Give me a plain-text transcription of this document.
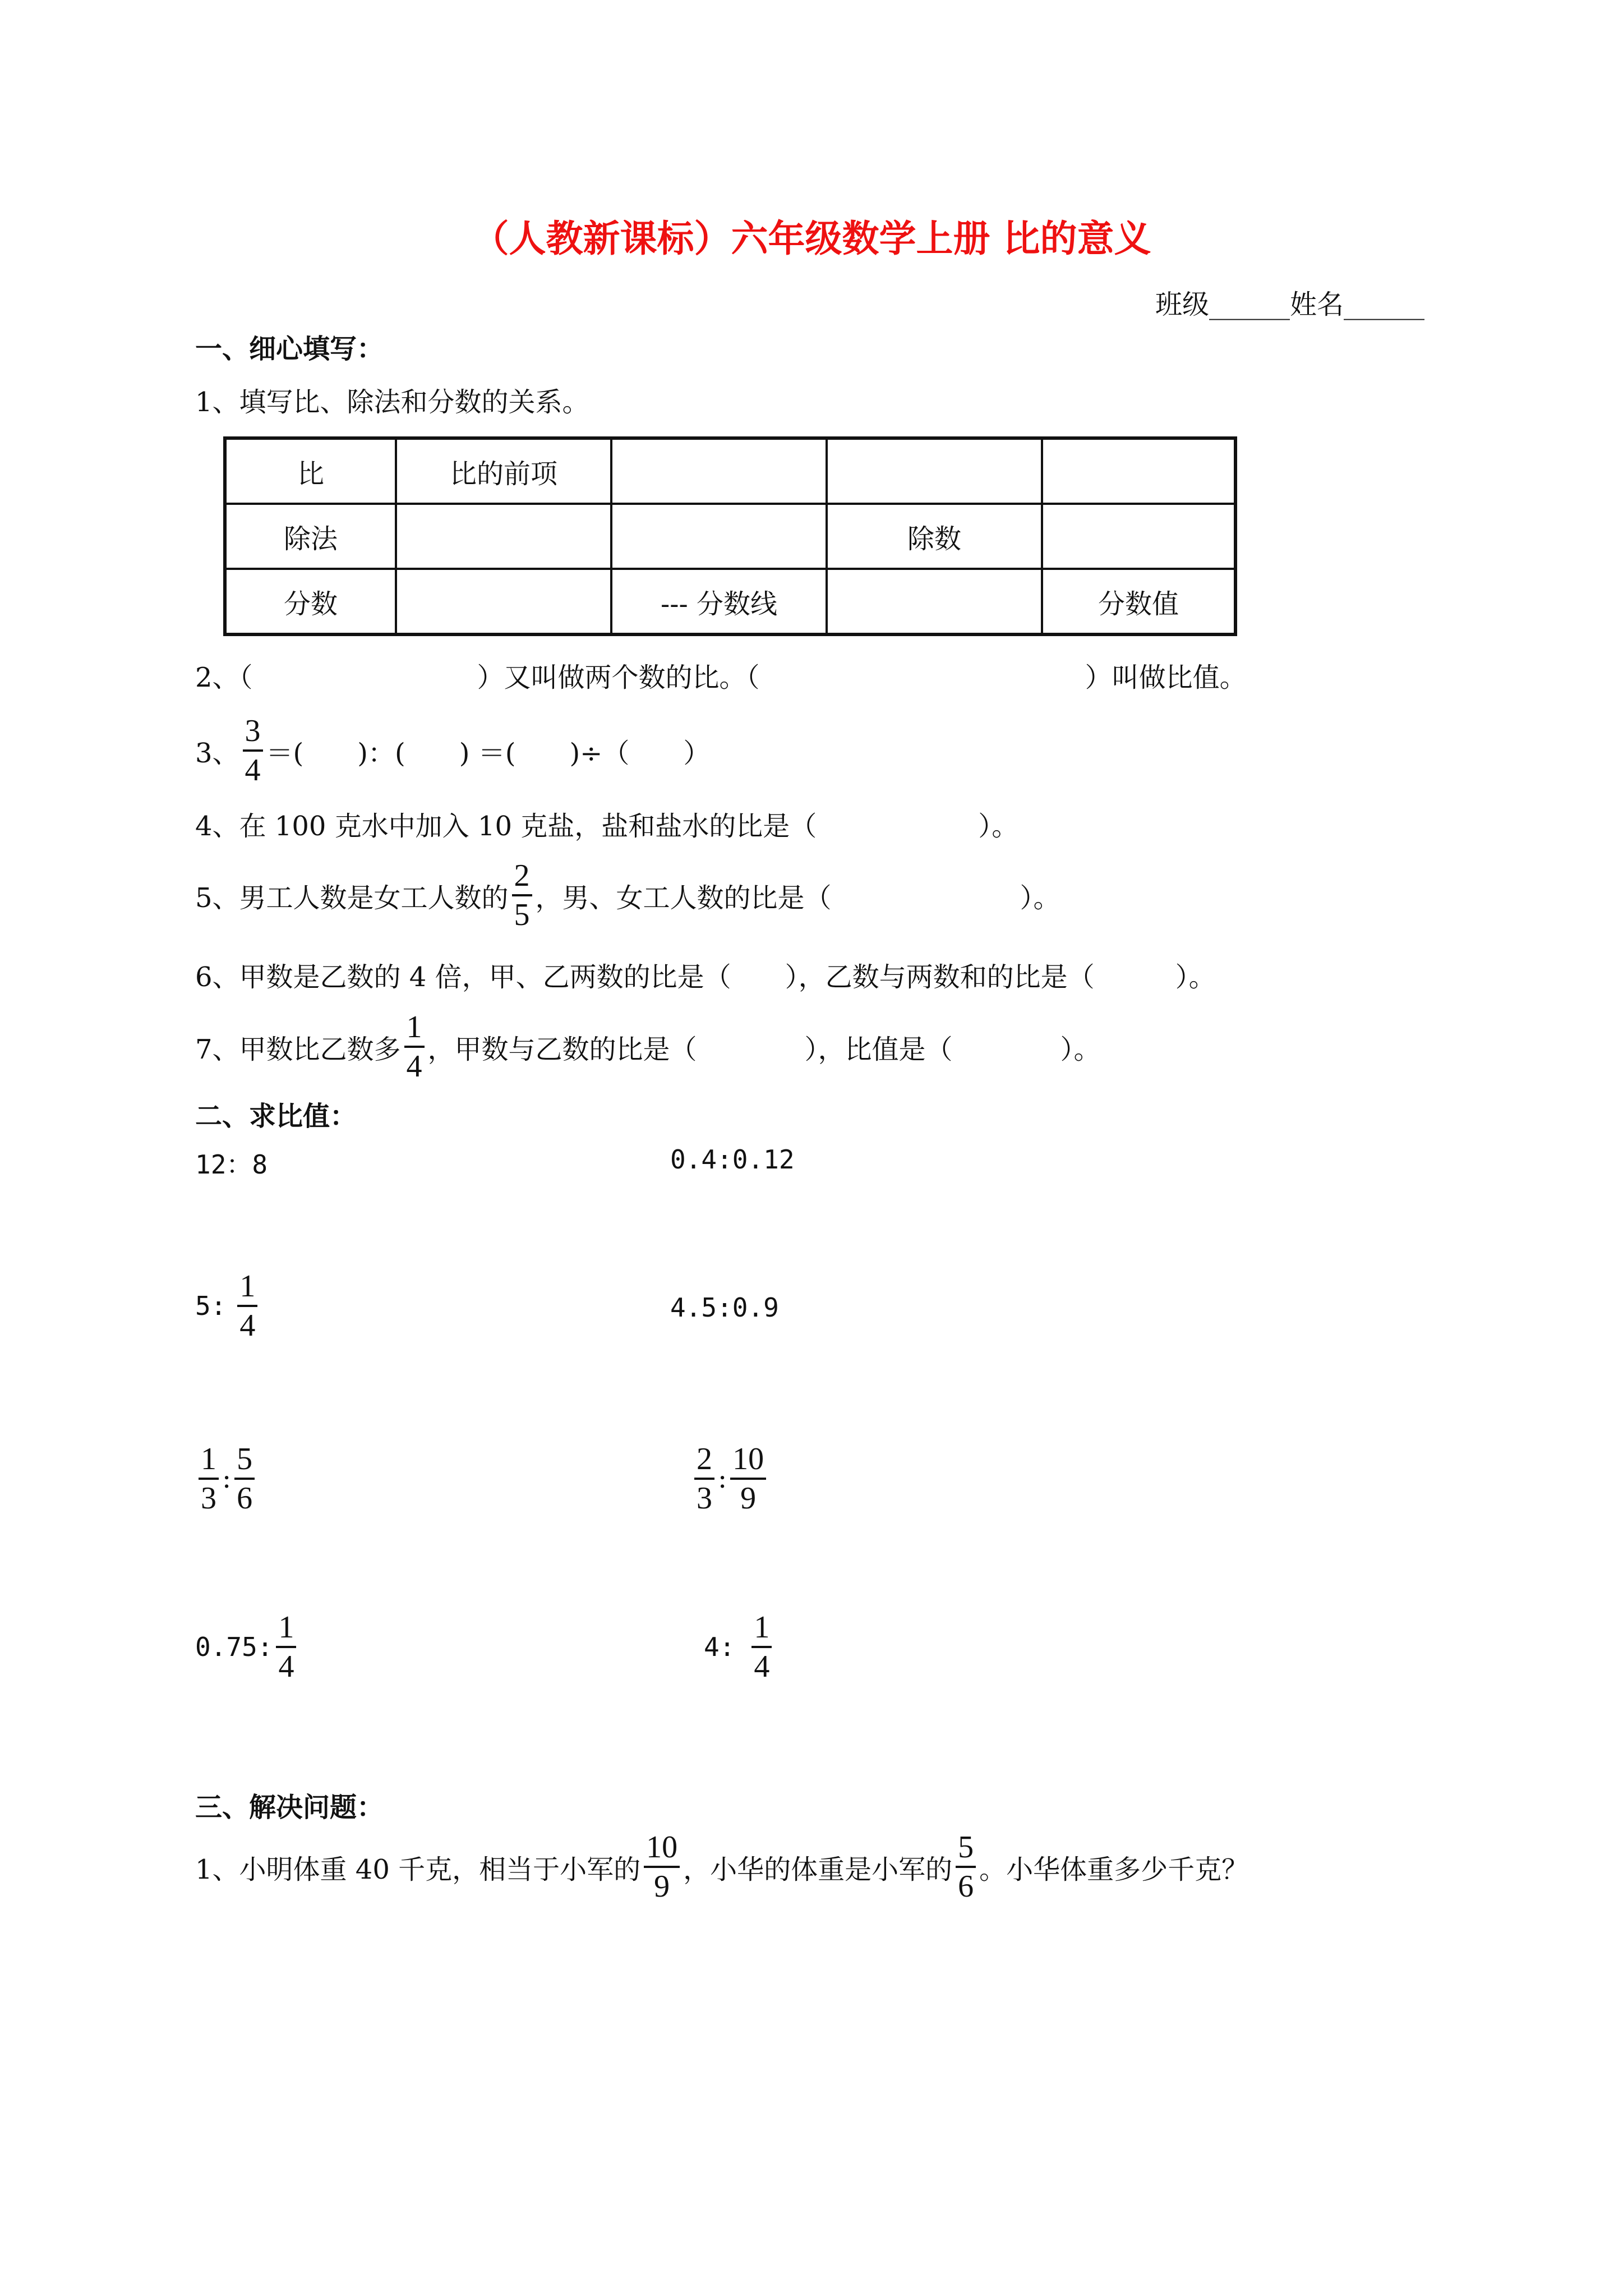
（人教新课标）六年级数学上册 比的意义
班级______姓名______
一、细心填写：
1、填写比、除法和分数的关系。
比	比的前项			
除法			除数	
分数		--- 分数线		分数值
2、（	）又叫做两个数的比。（	）叫做比值。
3、 $\frac{3}{4}$ ＝(　　)：(　　) ＝(　　)÷（　　）
4、在 100 克水中加入 10 克盐，盐和盐水的比是（　　　　　　）。
5、男工人数是女工人数的 $\frac{2}{5}$ ，男、女工人数的比是（　　　　　　　）。
6、甲数是乙数的 4 倍，甲、乙两数的比是（　　），乙数与两数和的比是（　　　）。
7、甲数比乙数多 $\frac{1}{4}$ ，甲数与乙数的比是（　　　　），比值是（　　　　）。
二、求比值：
12：8	0.4:0.12
5: $\frac{1}{4}$	4.5:0.9
$\frac{1}{3}$ : $\frac{5}{6}$	$\frac{2}{3}$ : $\frac{10}{9}$
0.75: $\frac{1}{4}$	4: $\frac{1}{4}$
三、解决问题：
1、小明体重 40 千克，相当于小军的 $\frac{10}{9}$ ，小华的体重是小军的 $\frac{5}{6}$ 。小华体重多少千克？
